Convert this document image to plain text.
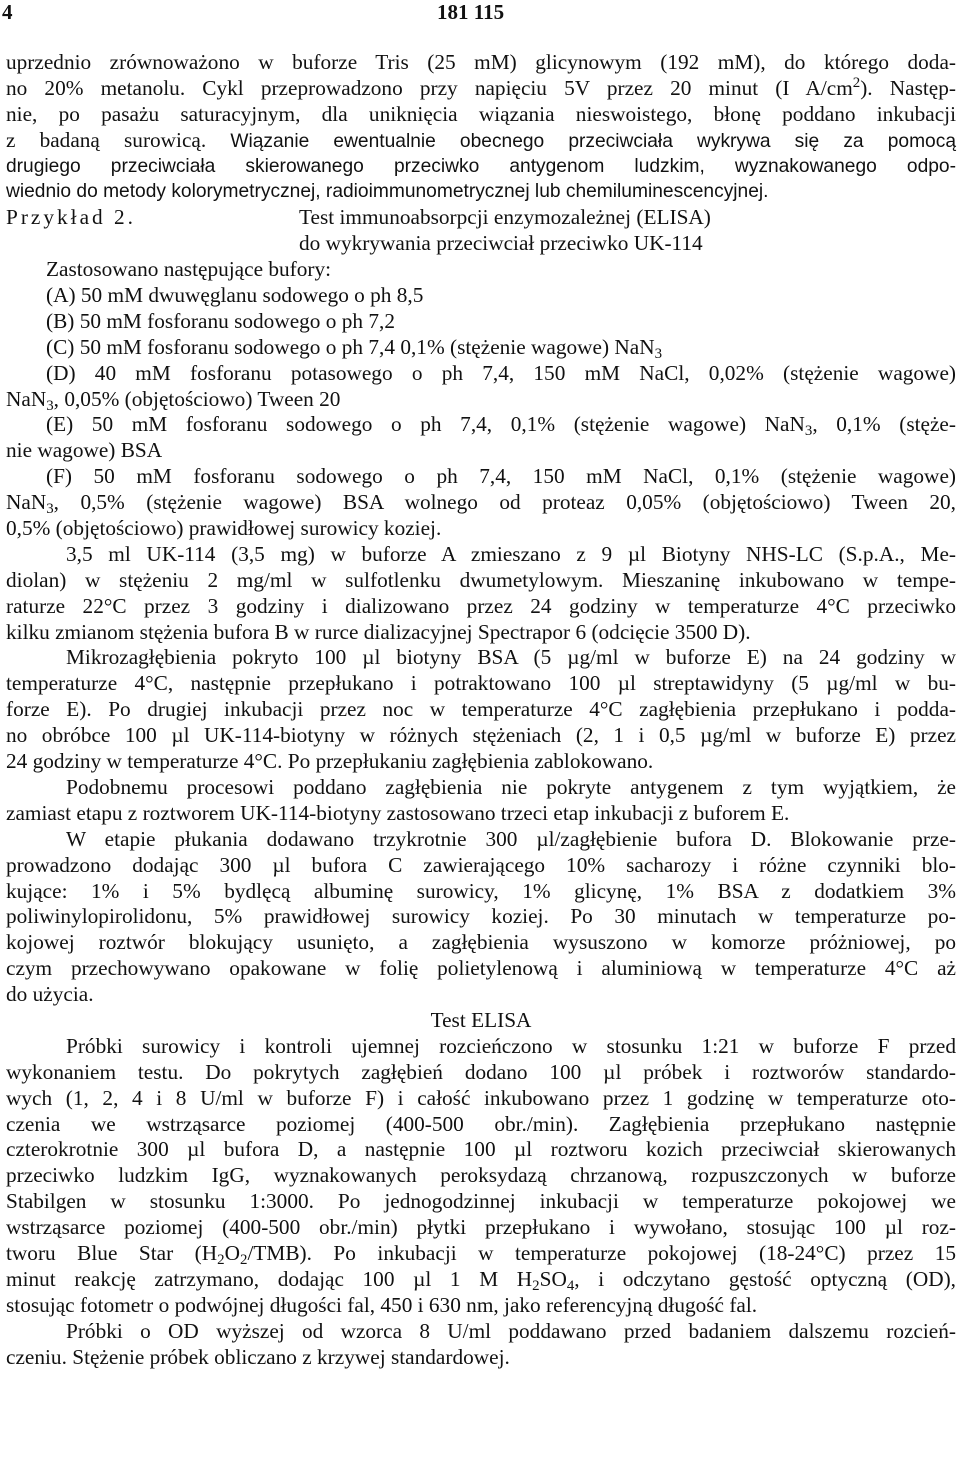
4	181 115
uprzednio zrównoważono w buforze Tris (25 mM) glicynowym (192 mM), do którego doda-
no 20% metanolu. Cykl przeprowadzono przy napięciu 5V przez 20 minut (I $A/cm^2$). Następ-
nie, po pasażu saturacyjnym, dla uniknięcia wiązania nieswoistego, błonę poddano inkubacji
z badaną surowicą. Wiązanie ewentualnie obecnego przeciwciała wykrywa się za pomocą
drugiego przeciwciała skierowanego przeciwko antygenom ludzkim, wyznakowanego odpo-
wiednio do metody kolorymetrycznej, radioimmunometrycznej lub chemiluminescencyjnej.

Przykład 2.

	Test immunoabsorpcji enzymozależnej (ELISA)

do wykrywania przeciwciał przeciwko UK-114
Zastosowano następujące bufory:
(A) 50 mM dwuwęglanu sodowego o ph 8,5
(B) 50 mM fosforanu sodowego o ph 7,2
(C) 50 mM fosforanu sodowego o ph 7,4 0,1% (stężenie wagowe) NaN$_3$
(D) 40 mM fosforanu potasowego o ph 7,4, 150 mM NaCl, 0,02% (stężenie wagowe)
NaN$_3$, 0,05% (objętościowo) Tween 20
(E) 50 mM fosforanu sodowego o ph 7,4, 0,1% (stężenie wagowe) NaN$_3$, 0,1% (stęże-
nie wagowe) BSA
(F) 50 mM fosforanu sodowego o ph 7,4, 150 mM NaCl, 0,1% (stężenie wagowe)
NaN$_3$, 0,5% (stężenie wagowe) BSA wolnego od proteaz 0,05% (objętościowo) Tween 20,
0,5% (objętościowo) prawidłowej surowicy koziej.
3,5 ml UK-114 (3,5 mg) w buforze A zmieszano z 9 µl Biotyny NHS-LC (S.p.A., Me-
diolan) w stężeniu 2 mg/ml w sulfotlenku dwumetylowym. Mieszaninę inkubowano w tempe-
raturze 22°C przez 3 godziny i dializowano przez 24 godziny w temperaturze 4°C przeciwko
kilku zmianom stężenia bufora B w rurce dializacyjnej Spectrapor 6 (odcięcie 3500 D).
Mikrozagłębienia pokryto 100 µl biotyny BSA (5 µg/ml w buforze E) na 24 godziny w
temperaturze 4°C, następnie przepłukano i potraktowano 100 µl streptawidyny (5 µg/ml w bu-
forze E). Po drugiej inkubacji przez noc w temperaturze 4°C zagłębienia przepłukano i podda-
no obróbce 100 µl UK-114-biotyny w różnych stężeniach (2, 1 i 0,5 µg/ml w buforze E) przez
24 godziny w temperaturze 4°C. Po przepłukaniu zagłębienia zablokowano.
Podobnemu procesowi poddano zagłębienia nie pokryte antygenem z tym wyjątkiem, że
zamiast etapu z roztworem UK-114-biotyny zastosowano trzeci etap inkubacji z buforem E.
W etapie płukania dodawano trzykrotnie 300 µl/zagłębienie bufora D. Blokowanie prze-
prowadzono dodając 300 µl bufora C zawierającego 10% sacharozy i różne czynniki blo-
kujące: 1% i 5% bydlęcą albuminę surowicy, 1% glicynę, 1% BSA z dodatkiem 3%
poliwinylopirolidonu, 5% prawidłowej surowicy koziej. Po 30 minutach w temperaturze po-
kojowej roztwór blokujący usunięto, a zagłębienia wysuszono w komorze próżniowej, po
czym przechowywano opakowane w folię polietylenową i aluminiową w temperaturze 4°C aż
do użycia.
Test ELISA
Próbki surowicy i kontroli ujemnej rozcieńczono w stosunku 1:21 w buforze F przed
wykonaniem testu. Do pokrytych zagłębień dodano 100 µl próbek i roztworów standardo-
wych (1, 2, 4 i 8 U/ml w buforze F) i całość inkubowano przez 1 godzinę w temperaturze oto-
czenia we wstrząsarce poziomej (400-500 obr./min). Zagłębienia przepłukano następnie
czterokrotnie 300 µl bufora D, a następnie 100 µl roztworu kozich przeciwciał skierowanych
przeciwko ludzkim IgG, wyznakowanych peroksydazą chrzanową, rozpuszczonych w buforze
Stabilgen w stosunku 1:3000. Po jednogodzinnej inkubacji w temperaturze pokojowej we
wstrząsarce poziomej (400-500 obr./min) płytki przepłukano i wywołano, stosując 100 µl roz-
tworu Blue Star $(H_2O_2/TMB)$. Po inkubacji w temperaturze pokojowej (18-24°C) przez 15
minut reakcję zatrzymano, dodając 100 µl 1 M $H_2SO_4$, i odczytano gęstość optyczną (OD),
stosując fotometr o podwójnej długości fal, 450 i 630 nm, jako referencyjną długość fal.
Próbki o OD wyższej od wzorca 8 U/ml poddawano przed badaniem dalszemu rozcień-
czeniu. Stężenie próbek obliczano z krzywej standardowej.
